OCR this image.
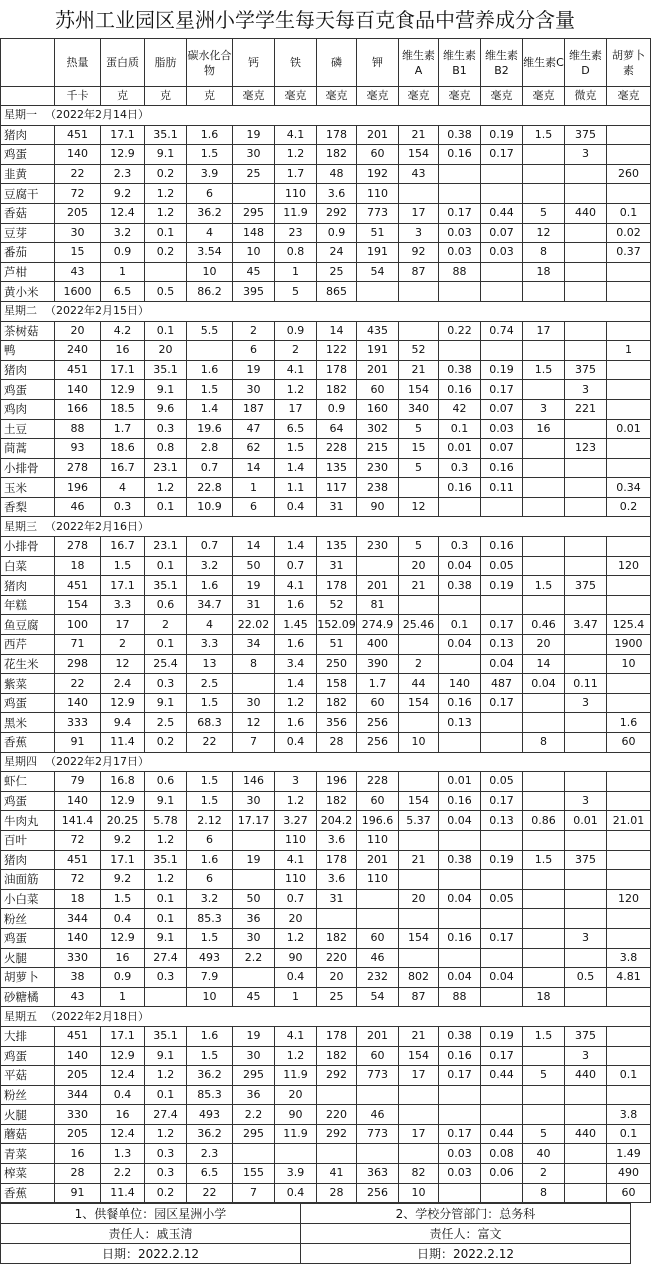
苏州工业园区星洲小学学生每天每百克食品中营养成分含量
	热量	蛋白质	脂肪	碳水化合物	钙	铁	磷	钾	维生素A	维生素B1	维生素B2	维生素C	维生素D	胡萝卜素
	千卡	克	克	克	毫克	毫克	毫克	毫克	毫克	毫克	毫克	毫克	微克	毫克
星期一 （2022年2月14日）														
猪肉	451	17.1	35.1	1.6	19	4.1	178	201	21	0.38	0.19	1.5	375	
鸡蛋	140	12.9	9.1	1.5	30	1.2	182	60	154	0.16	0.17		3	
韭黄	22	2.3	0.2	3.9	25	1.7	48	192	43					260
豆腐干	72	9.2	1.2	6		110	3.6	110						
香菇	205	12.4	1.2	36.2	295	11.9	292	773	17	0.17	0.44	5	440	0.1
豆芽	30	3.2	0.1	4	148	23	0.9	51	3	0.03	0.07	12		0.02
番茄	15	0.9	0.2	3.54	10	0.8	24	191	92	0.03	0.03	8		0.37
芦柑	43	1		10	45	1	25	54	87	88		18		
黄小米	1600	6.5	0.5	86.2	395	5	865							
星期二 （2022年2月15日）														
茶树菇	20	4.2	0.1	5.5	2	0.9	14	435		0.22	0.74	17		
鸭	240	16	20		6	2	122	191	52					1
猪肉	451	17.1	35.1	1.6	19	4.1	178	201	21	0.38	0.19	1.5	375	
鸡蛋	140	12.9	9.1	1.5	30	1.2	182	60	154	0.16	0.17		3	
鸡肉	166	18.5	9.6	1.4	187	17	0.9	160	340	42	0.07	3	221	
土豆	88	1.7	0.3	19.6	47	6.5	64	302	5	0.1	0.03	16		0.01
茼蒿	93	18.6	0.8	2.8	62	1.5	228	215	15	0.01	0.07		123	
小排骨	278	16.7	23.1	0.7	14	1.4	135	230	5	0.3	0.16			
玉米	196	4	1.2	22.8	1	1.1	117	238		0.16	0.11			0.34
香梨	46	0.3	0.1	10.9	6	0.4	31	90	12					0.2
星期三 （2022年2月16日）														
小排骨	278	16.7	23.1	0.7	14	1.4	135	230	5	0.3	0.16			
白菜	18	1.5	0.1	3.2	50	0.7	31		20	0.04	0.05			120
猪肉	451	17.1	35.1	1.6	19	4.1	178	201	21	0.38	0.19	1.5	375	
年糕	154	3.3	0.6	34.7	31	1.6	52	81						
鱼豆腐	100	17	2	4	22.02	1.45	152.09	274.9	25.46	0.1	0.17	0.46	3.47	125.4
西芹	71	2	0.1	3.3	34	1.6	51	400		0.04	0.13	20		1900
花生米	298	12	25.4	13	8	3.4	250	390	2		0.04	14		10
紫菜	22	2.4	0.3	2.5		1.4	158	1.7	44	140	487	0.04	0.11	
鸡蛋	140	12.9	9.1	1.5	30	1.2	182	60	154	0.16	0.17		3	
黑米	333	9.4	2.5	68.3	12	1.6	356	256		0.13				1.6
香蕉	91	11.4	0.2	22	7	0.4	28	256	10			8		60
星期四 （2022年2月17日）														
虾仁	79	16.8	0.6	1.5	146	3	196	228		0.01	0.05			
鸡蛋	140	12.9	9.1	1.5	30	1.2	182	60	154	0.16	0.17		3	
牛肉丸	141.4	20.25	5.78	2.12	17.17	3.27	204.2	196.6	5.37	0.04	0.13	0.86	0.01	21.01
百叶	72	9.2	1.2	6		110	3.6	110						
猪肉	451	17.1	35.1	1.6	19	4.1	178	201	21	0.38	0.19	1.5	375	
油面筋	72	9.2	1.2	6		110	3.6	110						
小白菜	18	1.5	0.1	3.2	50	0.7	31		20	0.04	0.05			120
粉丝	344	0.4	0.1	85.3	36	20								
鸡蛋	140	12.9	9.1	1.5	30	1.2	182	60	154	0.16	0.17		3	
火腿	330	16	27.4	493	2.2	90	220	46						3.8
胡萝卜	38	0.9	0.3	7.9		0.4	20	232	802	0.04	0.04		0.5	4.81
砂糖橘	43	1		10	45	1	25	54	87	88		18		
星期五 （2022年2月18日）														
大排	451	17.1	35.1	1.6	19	4.1	178	201	21	0.38	0.19	1.5	375	
鸡蛋	140	12.9	9.1	1.5	30	1.2	182	60	154	0.16	0.17		3	
平菇	205	12.4	1.2	36.2	295	11.9	292	773	17	0.17	0.44	5	440	0.1
粉丝	344	0.4	0.1	85.3	36	20								
火腿	330	16	27.4	493	2.2	90	220	46						3.8
蘑菇	205	12.4	1.2	36.2	295	11.9	292	773	17	0.17	0.44	5	440	0.1
青菜	16	1.3	0.3	2.3						0.03	0.08	40		1.49
榨菜	28	2.2	0.3	6.5	155	3.9	41	363	82	0.03	0.06	2		490
香蕉	91	11.4	0.2	22	7	0.4	28	256	10			8		60
1、供餐单位：园区星洲小学	2、学校分管部门：总务科
责任人：戚玉清	责任人：富文
日期：2022.2.12	日期：2022.2.12
